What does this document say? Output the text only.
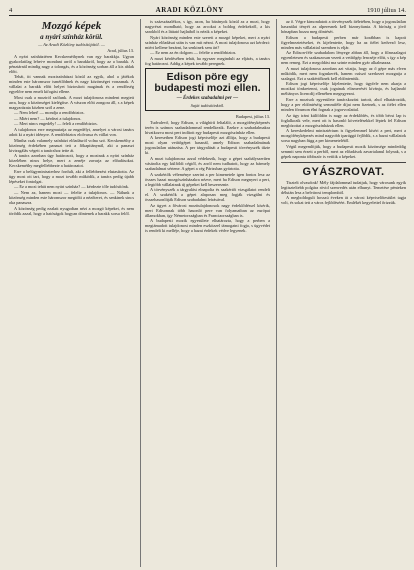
4	ARADI KÖZLÖNY	1910 július 14.
Mozgó képek
a nyári színház körül.
— Az Aradi Közlöny tudósítójától. —
Arad, július 13.

A nyári színháztéren Kecskeméthynek van egy barakkja. Ugyan gyakorlatilag lehet-e mondani arról a barakkról, hogy az a barakk. A pénztárnál mindig nagy a tolongás, és a közönség sorban áll a kis ablak előtt.

Tehát, itt vannak moziszínházai közül az egyik, ahol a játékok minden este háromszor ismétlődnek és nagy közönséget vonzanak. A vállalat a barakk előtt helyet biztosított magának és a rendőrség egyelőre nem emelt kifogást ellene.

Most csak a moziról szólunk. A mozi tulajdonosa mindent megtett arra, hogy a közönséget kielégítse. A vászon előtt zongora áll, s a képek magyarázata közben szól a zene.

— Nem lehet! — mondja a rendőrbiztos.

— Miért nem? — kérdezi a tulajdonos.

— Mert nincs engedély! — feleli a rendőrbiztos.

A tulajdonos erre megmutatja az engedélyt, amelyet a városi tanács adott ki a nyári idényre. A rendőrbiztos elolvassa és vállat von.

Mintha csak valamely színházi előadásról volna szó. Kecskeméthy a közönség érdekében panaszt tett a főkapitánynál, aki a panaszt kivizsgálás végett a tanácshoz tette át.

A tanács azonban úgy határozott, hogy a mozinak a nyári színház közelében nincs helye, mert a zenéje zavarja az előadásokat. Kecskeméthy megfellebbezte a határozatot.

Erre a belügyminiszterhez fordult, aki a fellebbezést elutasította. Az ügy most ott tart, hogy a mozi tovább működik, a tanács pedig újabb lépéseket fontolgat.

— Ez a mozi tehát nem nyári színház? — kérdezte tőle tudósítónk.

— Nem az, hanem mozi — felelte a tulajdonos. — Nálunk a közönség minden este háromszor megtölti a nézőteret, és senkinek sincs oka panaszra.

A közönség pedig ezalatt nyugodtan nézi a mozgó képeket, és nem törődik azzal, hogy a hatóságok hogyan döntenek a barakk sorsa felől.

is százszázalékos, s így, azon, ha bárányok közül az a mozi, hogy nagyrészt mondható, hogy az arcokat a boldog érdekekről, a kis sarokból és a láttató hajlatból is nézik a képeket.

Nyári közönség minden este szereti a mozgó képeket, mert a nyári színház előadásai után is van mit nézni. A mozi tulajdonosa azt kérdezi: miért kellene bezárni, ha senkinek sem árt?

— Ez nem az én dolgom — felelte a rendőrbiztos.

A mozi kérdésében tehát, ha egyszer megindult az eljárás, a tanács fog határozni. Addig a képek tovább peregnek.

Edison pöre egy budapesti mozi ellen.
— Érdekes szabadalmi per —
Saját tudósítónktól.
Budapest, július 13.

Tudvalevő, hogy Edison, a világhírű feltaláló, a mozgófényképezés terén is számos szabadalommal rendelkezik. Ezekre a szabadalmakra hivatkozva most pert indított egy budapesti mozgószínház ellen.

A keresetben Edison jogi képviselője azt állítja, hogy a budapesti mozi olyan vetítőgépet használ, amely Edison szabadalmának jogosulatlan utánzása. A per tárgyalását a budapesti törvényszék tűzte ki.

A mozi tulajdonosa azzal védekezik, hogy a gépet szabályszerűen vásárolta egy külföldi cégtől, és arról nem tudhatott, hogy az bármely szabadalmat sértene. A gépet a cég Párizsban gyártotta.

A szakértők véleménye szerint a per kimenetele igen fontos lesz az összes hazai mozgószínházakra nézve, mert ha Edison megnyeri a pert, a legtöbb vállalatnak új gépeket kell beszereznie.

A törvényszék a tárgyalást elnapolta és szakértői vizsgálatot rendelt el. A szakértők a gépet alaposan meg fogják vizsgálni és összehasonlítják Edison szabadalmi leírásával.

Az ügyet a fővárosi mozitulajdonosok nagy érdeklődéssel kísérik, mert Edisonnak több hasonló pere van folyamatban az európai államokban, így Németországban és Franciaországban is.

A budapesti mozik egyesülete elhatározta, hogy a perben a megtámadott tulajdonost minden eszközzel támogatni fogja, s ügyvédet is rendelt ki melléje, hogy a hazai érdekek védve legyenek.

az ő. Végre kimondatott a törvényszék ítéletében, hogy a jogosulatlan használat tényét az alperesnek kell bizonyítania. A bíróság a jövő hónapban hozza meg döntését.

Edison a budapesti perben már korábban is kapott figyelmeztetéseket, és kijelentette, hogy ha az ítélet kedvező lesz, minden más vállalattal szemben is eljár.

Az Edison-féle szabadalom lényege abban áll, hogy a filmszalagot egyenletesen és szakaszosan vezeti a vetítőgép lencséje előtt, s így a kép nem remeg. Ezt a megoldást ma szinte minden gyár alkalmazza.

A mozi tulajdonosa azonban azt vitatja, hogy az ő gépe más elven működik, mert nem fogaskerék, hanem csúszó szerkezet mozgatja a szalagot. Ezt a szakértőknek kell eldönteniük.

Edison jogi képviselője kijelentette, hogy ügyfele nem akarja a mozikat tönkretenni, csak jogainak elismerését kívánja, és hajlandó méltányos licencdíj ellenében megegyezni.

Erre a mozisok egyesülete tanácskozást tartott, ahol elhatározták, hogy a per eldöntéséig semmiféle díjat nem fizetnek, s az ítélet ellen minden fórumon élni fognak a jogorvoslattal.

Az ügy iránt külföldön is nagy az érdeklődés, és több bécsi lap is foglalkozik vele, mert ott is hasonló követelésekkel léptek fel Edison megbízottai a mozgószínházak ellen.

A kereskedelmi minisztérium is figyelemmel kíséri a pert, mert a mozgófényképezés mind nagyobb iparággá fejlődik, s a hazai vállalatok sorsa nagyban függ a per kimenetelétől.

Végül megemlítjük, hogy a budapesti mozik közönsége mindeddig semmit sem érzett a perből, mert az előadások zavartalanul folynak, s a gépek naponta többször is vetítik a képeket.

GYÁSZROVAT.

Tisztelt olvasóink! Mély fájdalommal tudatjuk, hogy városunk egyik legtiszteltebb polgára rövid szenvedés után elhunyt. Temetése pénteken délután lesz a belvárosi templomból.

A megboldogult hosszú éveken át a városi képviselőtestület tagja volt, és sokat tett a város fejlődéséért. Emlékét kegyelettel őrizzük.
